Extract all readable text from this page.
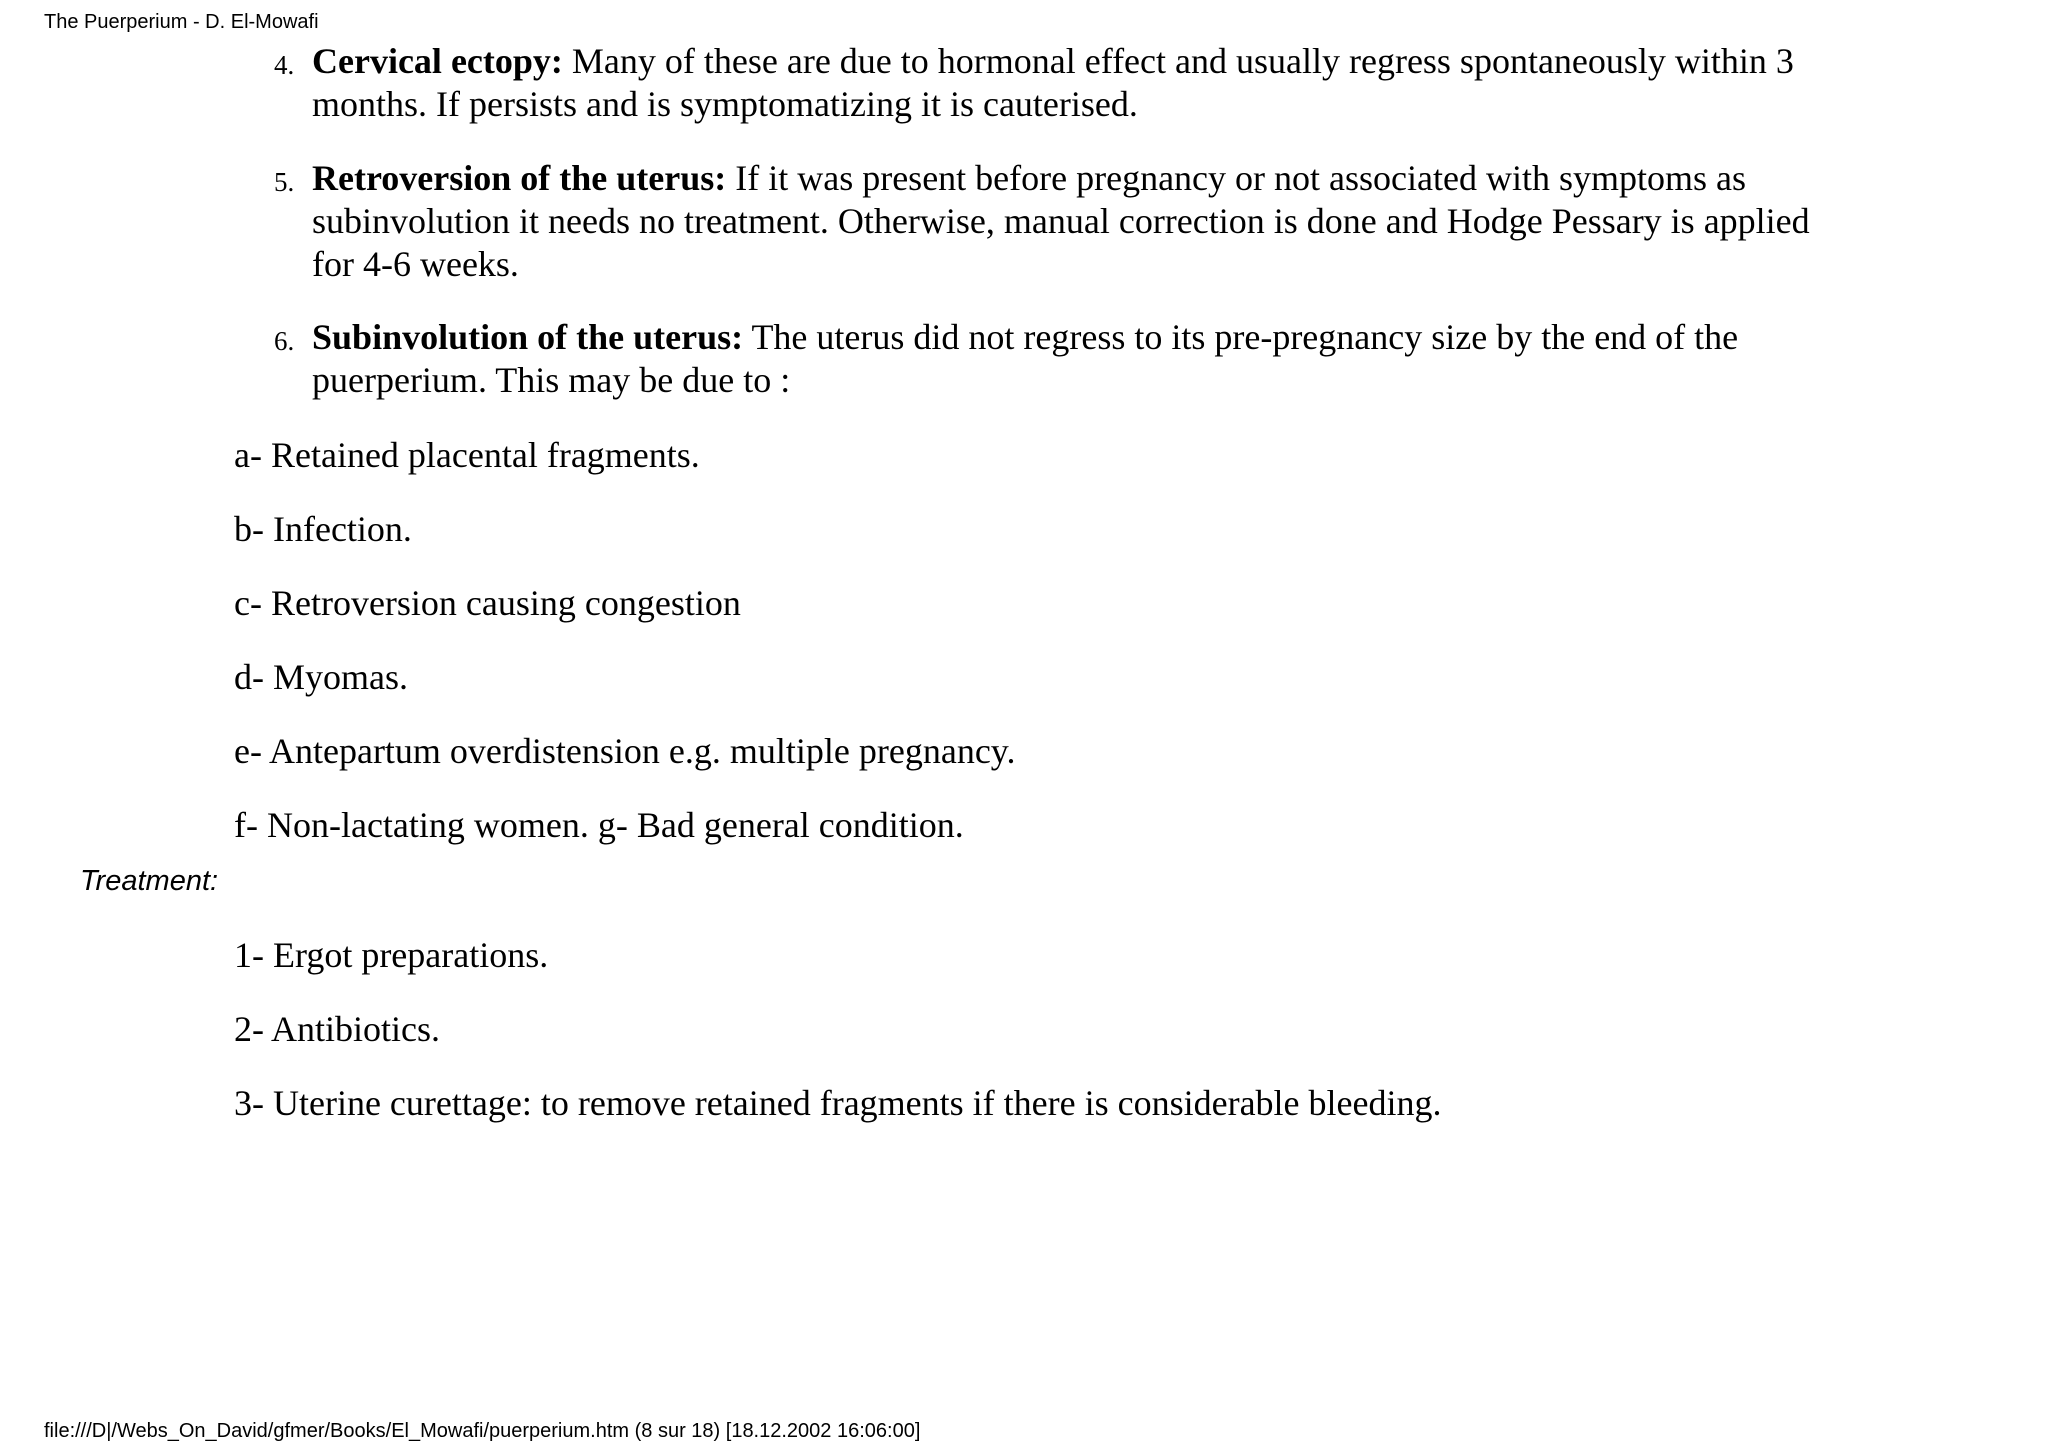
The Puerperium - D. El-Mowafi
4. Cervical ectopy: Many of these are due to hormonal effect and usually regress spontaneously within 3 months. If persists and is symptomatizing it is cauterised.
5. Retroversion of the uterus: If it was present before pregnancy or not associated with symptoms as subinvolution it needs no treatment. Otherwise, manual correction is done and Hodge Pessary is applied for 4-6 weeks.
6. Subinvolution of the uterus: The uterus did not regress to its pre-pregnancy size by the end of the puerperium. This may be due to :
a- Retained placental fragments.
b- Infection.
c- Retroversion causing congestion
d- Myomas.
e- Antepartum overdistension e.g. multiple pregnancy.
f- Non-lactating women. g- Bad general condition.
Treatment:
1- Ergot preparations.
2- Antibiotics.
3- Uterine curettage: to remove retained fragments if there is considerable bleeding.
file:///D|/Webs_On_David/gfmer/Books/El_Mowafi/puerperium.htm (8 sur 18) [18.12.2002 16:06:00]
